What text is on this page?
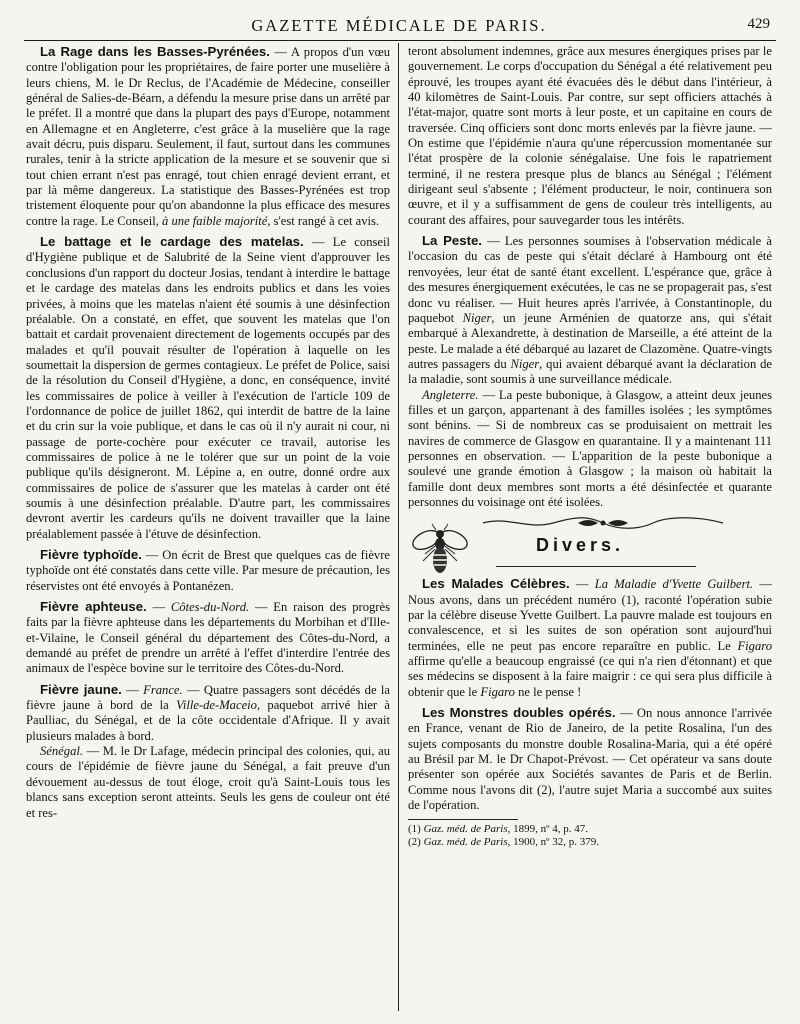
GAZETTE MÉDICALE DE PARIS.	429

La Rage dans les Basses-Pyrénées. — A propos d'un vœu contre l'obligation pour les propriétaires, de faire porter une muselière à leurs chiens, M. le Dr Reclus, de l'Académie de Médecine, conseiller général de Salies-de-Béarn, a défendu la mesure prise dans un arrêté par le préfet. Il a montré que dans la plupart des pays d'Europe, notamment en Allemagne et en Angleterre, c'est grâce à la muselière que la rage avait décru, puis disparu. Seulement, il faut, surtout dans les communes rurales, tenir à la stricte application de la mesure et se souvenir que si tout chien errant n'est pas enragé, tout chien enragé devient errant, et par là même dangereux. La statistique des Basses-Pyrénées est trop tristement éloquente pour qu'on abandonne la plus efficace des mesures contre la rage. Le Conseil, à une faible majorité, s'est rangé à cet avis.

Le battage et le cardage des matelas. — Le conseil d'Hygiène publique et de Salubrité de la Seine vient d'approuver les conclusions d'un rapport du docteur Josias, tendant à interdire le battage et le cardage des matelas dans les endroits publics et dans les voies privées, à moins que les matelas n'aient été soumis à une désinfection préalable. On a constaté, en effet, que souvent les matelas que l'on battait et cardait provenaient directement de logements occupés par des malades et qu'il pouvait résulter de l'opération à laquelle on les soumettait la dispersion de germes contagieux. Le préfet de Police, saisi de la résolution du Conseil d'Hygiène, a donc, en conséquence, invité les commissaires de police à veiller à l'exécution de l'article 109 de l'ordonnance de police de juillet 1862, qui interdit de battre de la laine et du crin sur la voie publique, et dans le cas où il n'y aurait ni cour, ni passage de porte-cochère pour exécuter ce travail, autorise les commissaires de police à ne le tolérer que sur un point de la voie publique qu'ils désigneront. M. Lépine a, en outre, donné ordre aux commissaires de police de s'assurer que les matelas à carder ont été soumis à une désinfection préalable. D'autre part, les commissaires devront avertir les cardeurs qu'ils ne doivent travailler que la laine préalablement passée à l'étuve de désinfection.

Fièvre typhoïde. — On écrit de Brest que quelques cas de fièvre typhoïde ont été constatés dans cette ville. Par mesure de précaution, les réservistes ont été envoyés à Pontanézen.

Fièvre aphteuse. — Côtes-du-Nord. — En raison des progrès faits par la fièvre aphteuse dans les départements du Morbihan et d'Ille-et-Vilaine, le Conseil général du département des Côtes-du-Nord, a demandé au préfet de prendre un arrêté à l'effet d'interdire l'entrée des animaux de l'espèce bovine sur le territoire des Côtes-du-Nord.

Fièvre jaune. — France. — Quatre passagers sont décédés de la fièvre jaune à bord de la Ville-de-Maceio, paquebot arrivé hier à Paulliac, du Sénégal, et de la côte occidentale d'Afrique. Il y avait plusieurs malades à bord.

Sénégal. — M. le Dr Lafage, médecin principal des colonies, qui, au cours de l'épidémie de fièvre jaune du Sénégal, a fait preuve d'un dévouement au-dessus de tout éloge, croit qu'à Saint-Louis tous les blancs sans exception seront atteints. Seuls les gens de couleur ont été et res-

teront absolument indemnes, grâce aux mesures énergiques prises par le gouvernement. Le corps d'occupation du Sénégal a été relativement peu éprouvé, les troupes ayant été évacuées dès le début dans l'intérieur, à 40 kilomètres de Saint-Louis. Par contre, sur sept officiers attachés à l'état-major, quatre sont morts à leur poste, et un capitaine en cours de traversée. Cinq officiers sont donc morts enlevés par la fièvre jaune. — On estime que l'épidémie n'aura qu'une répercussion momentanée sur l'état prospère de la colonie sénégalaise. Une fois le rapatriement terminé, il ne restera presque plus de blancs au Sénégal ; l'élément dirigeant seul s'absente ; l'élément producteur, le noir, continuera son œuvre, et il y a suffisamment de gens de couleur très intelligents, au courant des affaires, pour sauvegarder tous les intérêts.

La Peste. — Les personnes soumises à l'observation médicale à l'occasion du cas de peste qui s'était déclaré à Hambourg ont été renvoyées, leur état de santé étant excellent. L'espérance que, grâce à des mesures énergiquement exécutées, le cas ne se propagerait pas, s'est donc vu réaliser. — Huit heures après l'arrivée, à Constantinople, du paquebot Niger, un jeune Arménien de quatorze ans, qui s'était embarqué à Alexandrette, à destination de Marseille, a été atteint de la peste. Le malade a été débarqué au lazaret de Clazomène. Quatre-vingts autres passagers du Niger, qui avaient débarqué avant la déclaration de la maladie, sont soumis à une surveillance médicale.

Angleterre. — La peste bubonique, à Glasgow, a atteint deux jeunes filles et un garçon, appartenant à des familles isolées ; les symptômes sont bénins. — Si de nombreux cas se produisaient on mettrait les navires de commerce de Glasgow en quarantaine. Il y a maintenant 111 personnes en observation. — L'apparition de la peste bubonique a soulevé une grande émotion à Glasgow ; la maison où habitait la famille dont deux membres sont morts a été désinfectée et quarante personnes du voisinage ont été isolées.

Divers.

Les Malades Célèbres. — La Maladie d'Yvette Guilbert. — Nous avons, dans un précédent numéro (1), raconté l'opération subie par la célèbre diseuse Yvette Guilbert. La pauvre malade est toujours en convalescence, et si les suites de son opération sont aujourd'hui terminées, elle ne peut pas encore reparaître en public. Le Figaro affirme qu'elle a beaucoup engraissé (ce qui n'a rien d'étonnant) et que ses médecins se disposent à la faire maigrir : ce qui sera plus difficile à obtenir que le Figaro ne le pense !

Les Monstres doubles opérés. — On nous annonce l'arrivée en France, venant de Rio de Janeiro, de la petite Rosalina, l'un des sujets composants du monstre double Rosalina-Maria, qui a été opéré au Brésil par M. le Dr Chapot-Prévost. — Cet opérateur va sans doute présenter son opérée aux Sociétés savantes de Paris et de Berlin. Comme nous l'avons dit (2), l'autre sujet Maria a succombé aux suites de l'opération.

(1) Gaz. méd. de Paris, 1899, nº 4, p. 47.

(2) Gaz. méd. de Paris, 1900, nº 32, p. 379.
